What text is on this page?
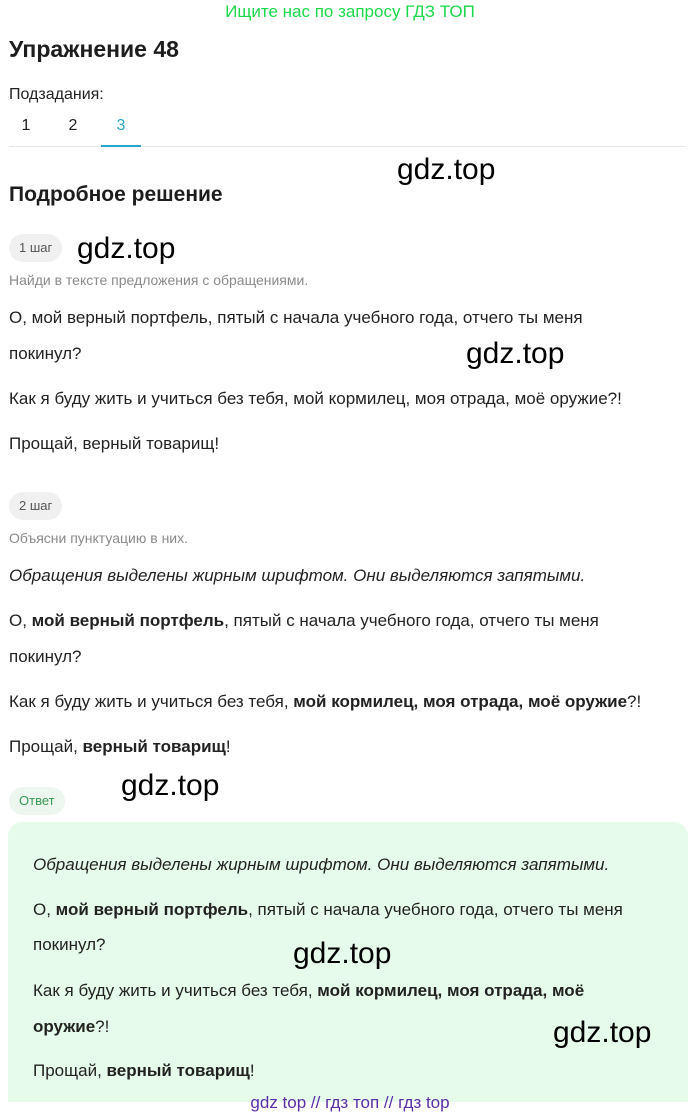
Ищите нас по запросу ГДЗ ТОП
Упражнение 48
Подзадания:
1	2	3
Подробное решение
gdz.top
1 шаг gdz.top
Найди в тексте предложения с обращениями.
О, мой верный портфель, пятый с начала учебного года, отчего ты меня
покинул?	gdz.top
Как я буду жить и учиться без тебя, мой кормилец, моя отрада, моё оружие?!
Прощай, верный товарищ!
2 шаг
Объясни пунктуацию в них.
Обращения выделены жирным шрифтом. Они выделяются запятыми.
О, мой верный портфель, пятый с начала учебного года, отчего ты меня
покинул?
Как я буду жить и учиться без тебя, мой кормилец, моя отрада, моё оружие?!
Прощай, верный товарищ!
Ответ	gdz.top
Обращения выделены жирным шрифтом. Они выделяются запятыми.
О, мой верный портфель, пятый с начала учебного года, отчего ты меня
покинул?	gdz.top
Как я буду жить и учиться без тебя, мой кормилец, моя отрада, моё
оружие?!	gdz.top
Прощай, верный товарищ!
gdz top // гдз топ // гдз top
